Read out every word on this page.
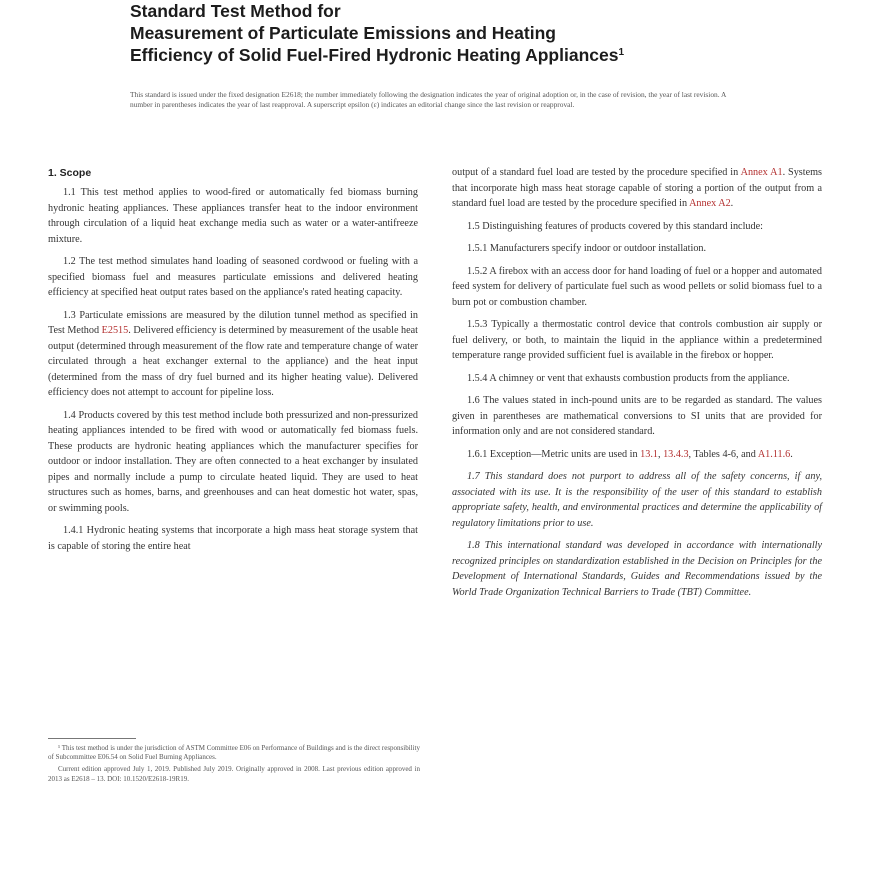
Standard Test Method for
Measurement of Particulate Emissions and Heating
Efficiency of Solid Fuel-Fired Hydronic Heating Appliances$^1$
This standard is issued under the fixed designation E2618; the number immediately following the designation indicates the year of original adoption or, in the case of revision, the year of last revision. A number in parentheses indicates the year of last reapproval. A superscript epsilon (ε) indicates an editorial change since the last revision or reapproval.
1. Scope

1.1 This test method applies to wood-fired or automatically fed biomass burning hydronic heating appliances. These appliances transfer heat to the indoor environment through circulation of a liquid heat exchange media such as water or a water-antifreeze mixture.

1.2 The test method simulates hand loading of seasoned cordwood or fueling with a specified biomass fuel and measures particulate emissions and delivered heating efficiency at specified heat output rates based on the appliance's rated heating capacity.

1.3 Particulate emissions are measured by the dilution tunnel method as specified in Test Method E2515. Delivered efficiency is determined by measurement of the usable heat output (determined through measurement of the flow rate and temperature change of water circulated through a heat exchanger external to the appliance) and the heat input (determined from the mass of dry fuel burned and its higher heating value). Delivered efficiency does not attempt to account for pipeline loss.

1.4 Products covered by this test method include both pressurized and non-pressurized heating appliances intended to be fired with wood or automatically fed biomass fuels. These products are hydronic heating appliances which the manufacturer specifies for outdoor or indoor installation. They are often connected to a heat exchanger by insulated pipes and normally include a pump to circulate heated liquid. They are used to heat structures such as homes, barns, and greenhouses and can heat domestic hot water, spas, or swimming pools.

1.4.1 Hydronic heating systems that incorporate a high mass heat storage system that is capable of storing the entire heat

¹ This test method is under the jurisdiction of ASTM Committee E06 on Performance of Buildings and is the direct responsibility of Subcommittee E06.54 on Solid Fuel Burning Appliances.

Current edition approved July 1, 2019. Published July 2019. Originally approved in 2008. Last previous edition approved in 2013 as E2618 – 13. DOI: 10.1520/E2618-19R19.

output of a standard fuel load are tested by the procedure specified in Annex A1. Systems that incorporate high mass heat storage capable of storing a portion of the output from a standard fuel load are tested by the procedure specified in Annex A2.

1.5 Distinguishing features of products covered by this standard include:

1.5.1 Manufacturers specify indoor or outdoor installation.

1.5.2 A firebox with an access door for hand loading of fuel or a hopper and automated feed system for delivery of particulate fuel such as wood pellets or solid biomass fuel to a burn pot or combustion chamber.

1.5.3 Typically a thermostatic control device that controls combustion air supply or fuel delivery, or both, to maintain the liquid in the appliance within a predetermined temperature range provided sufficient fuel is available in the firebox or hopper.

1.5.4 A chimney or vent that exhausts combustion products from the appliance.

1.6 The values stated in inch-pound units are to be regarded as standard. The values given in parentheses are mathematical conversions to SI units that are provided for information only and are not considered standard.

1.6.1 Exception—Metric units are used in 13.1, 13.4.3, Tables 4-6, and A1.11.6.

1.7 This standard does not purport to address all of the safety concerns, if any, associated with its use. It is the responsibility of the user of this standard to establish appropriate safety, health, and environmental practices and determine the applicability of regulatory limitations prior to use.

1.8 This international standard was developed in accordance with internationally recognized principles on standardization established in the Decision on Principles for the Development of International Standards, Guides and Recommendations issued by the World Trade Organization Technical Barriers to Trade (TBT) Committee.
